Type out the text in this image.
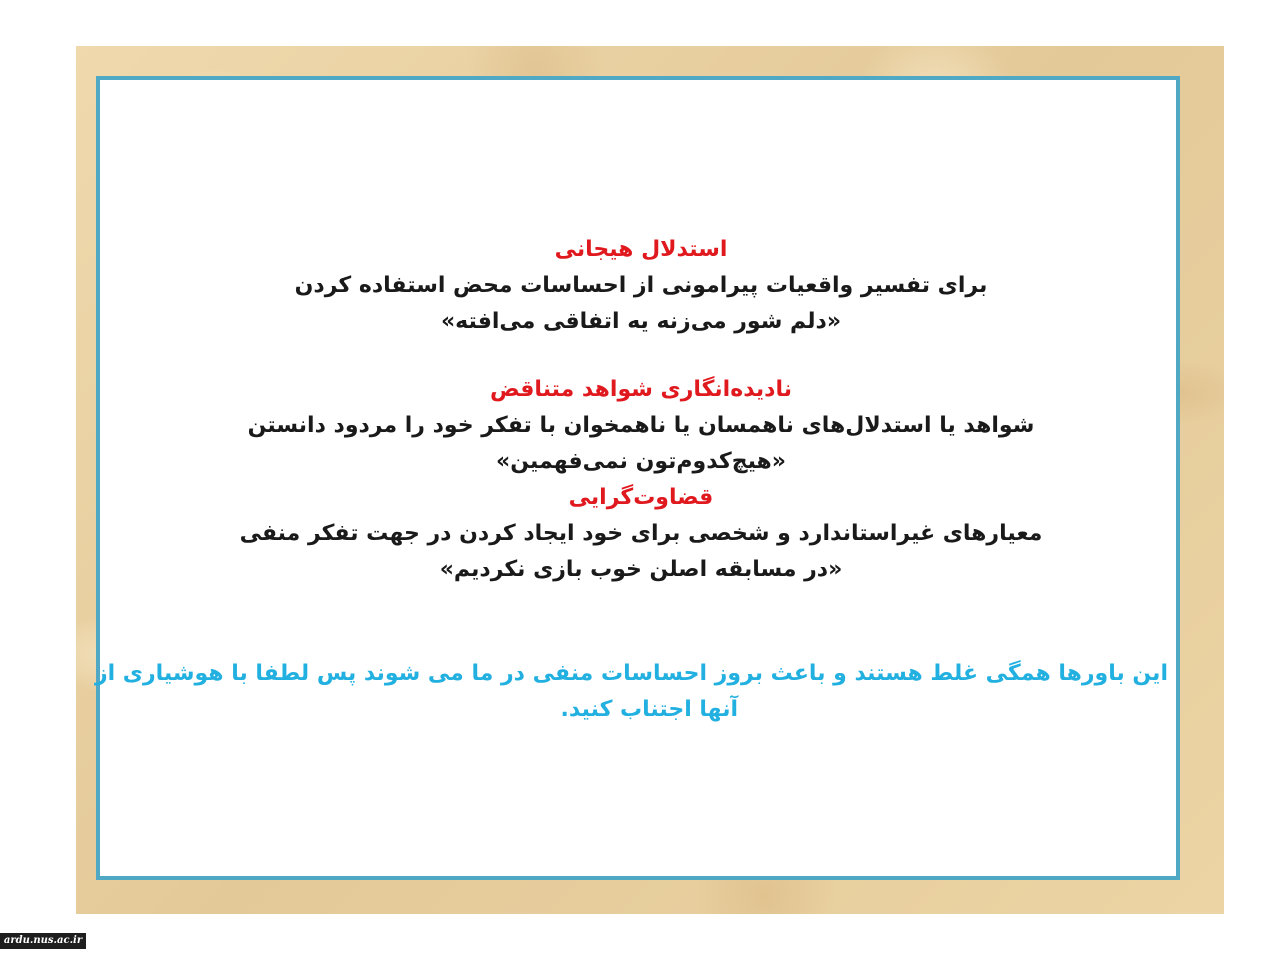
استدلال هیجانی
برای تفسیر واقعیات پیرامونی از احساسات محض استفاده کردن
«دلم شور می‌زنه یه اتفاقی می‌افته»
نادیده‌انگاری شواهد متناقض
شواهد یا استدلال‌های ناهمسان یا ناهمخوان با تفکر خود را مردود دانستن
«هیچ‌کدوم‌تون نمی‌فهمین»
قضاوت‌گرایی
معیارهای غیراستاندارد و شخصی برای خود ایجاد کردن در جهت تفکر منفی
«در مسابقه اصلن خوب بازی نکردیم»
این باورها همگی غلط هستند و باعث بروز احساسات منفی در ما می شوند پس لطفا با هوشیاری از
آنها اجتناب کنید.
ardu.nus.ac.ir
